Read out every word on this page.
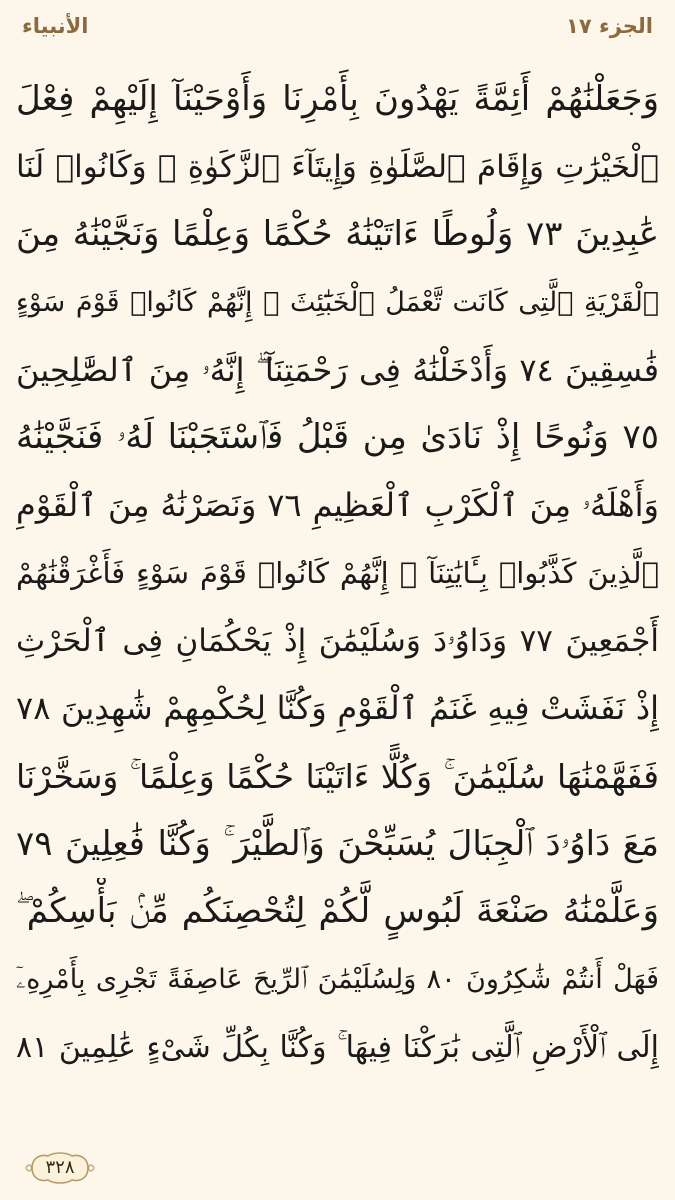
الجزء ١٧
الأنبياء
وَجَعَلْنَٰهُمْ أَئِمَّةً يَهْدُونَ بِأَمْرِنَا وَأَوْحَيْنَآ إِلَيْهِمْ فِعْلَ
ٱلْخَيْرَٰتِ وَإِقَامَ ٱلصَّلَوٰةِ وَإِيتَآءَ ٱلزَّكَوٰةِ ۖ وَكَانُوا۟ لَنَا
عَٰبِدِينَ ٧٣ وَلُوطًا ءَاتَيْنَٰهُ حُكْمًا وَعِلْمًا وَنَجَّيْنَٰهُ مِنَ
ٱلْقَرْيَةِ ٱلَّتِى كَانَت تَّعْمَلُ ٱلْخَبَٰٓئِثَ ۗ إِنَّهُمْ كَانُوا۟ قَوْمَ سَوْءٍ
فَٰسِقِينَ ٧٤ وَأَدْخَلْنَٰهُ فِى رَحْمَتِنَآ ۖ إِنَّهُۥ مِنَ ٱلصَّٰلِحِينَ
٧٥ وَنُوحًا إِذْ نَادَىٰ مِن قَبْلُ فَٱسْتَجَبْنَا لَهُۥ فَنَجَّيْنَٰهُ
وَأَهْلَهُۥ مِنَ ٱلْكَرْبِ ٱلْعَظِيمِ ٧٦ وَنَصَرْنَٰهُ مِنَ ٱلْقَوْمِ
ٱلَّذِينَ كَذَّبُوا۟ بِـَٔايَٰتِنَآ ۚ إِنَّهُمْ كَانُوا۟ قَوْمَ سَوْءٍ فَأَغْرَقْنَٰهُمْ
أَجْمَعِينَ ٧٧ وَدَاوُۥدَ وَسُلَيْمَٰنَ إِذْ يَحْكُمَانِ فِى ٱلْحَرْثِ
إِذْ نَفَشَتْ فِيهِ غَنَمُ ٱلْقَوْمِ وَكُنَّا لِحُكْمِهِمْ شَٰهِدِينَ ٧٨
فَفَهَّمْنَٰهَا سُلَيْمَٰنَ ۚ وَكُلًّا ءَاتَيْنَا حُكْمًا وَعِلْمًا ۚ وَسَخَّرْنَا
مَعَ دَاوُۥدَ ٱلْجِبَالَ يُسَبِّحْنَ وَٱلطَّيْرَ ۚ وَكُنَّا فَٰعِلِينَ ٧٩
وَعَلَّمْنَٰهُ صَنْعَةَ لَبُوسٍ لَّكُمْ لِتُحْصِنَكُم مِّنۢ بَأْسِكُمْ ۖ
فَهَلْ أَنتُمْ شَٰكِرُونَ ٨٠ وَلِسُلَيْمَٰنَ ٱلرِّيحَ عَاصِفَةً تَجْرِى بِأَمْرِهِۦٓ
إِلَى ٱلْأَرْضِ ٱلَّتِى بَٰرَكْنَا فِيهَا ۚ وَكُنَّا بِكُلِّ شَىْءٍ عَٰلِمِينَ ٨١
٣٢٨
